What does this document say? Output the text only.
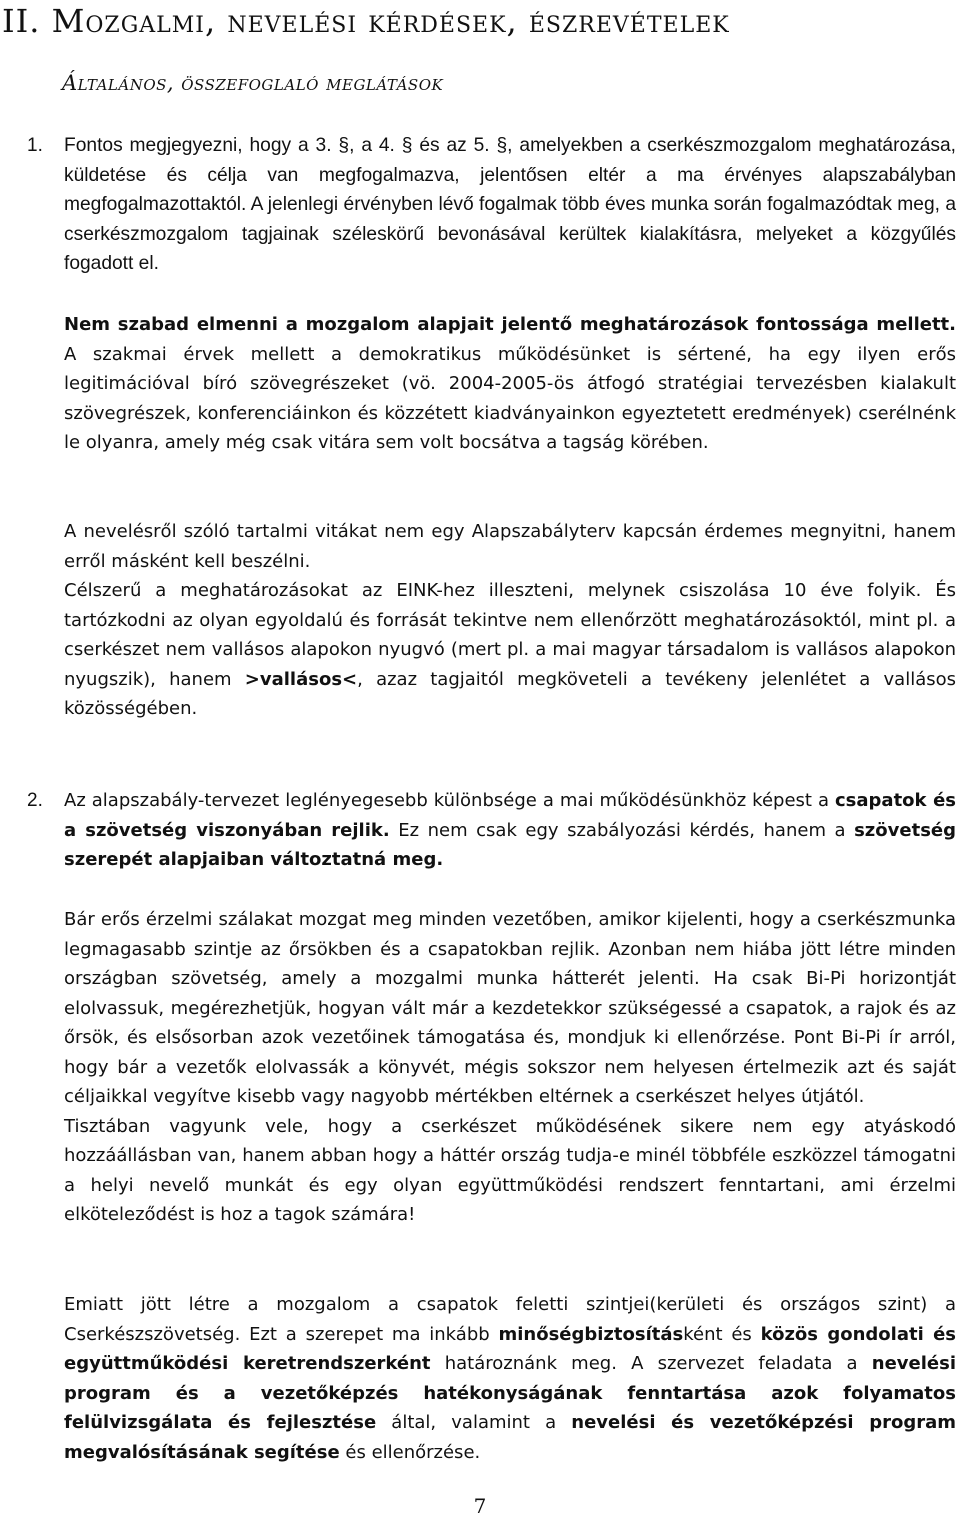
II. Mozgalmi, nevelési kérdések, észrevételek
Általános, összefoglaló meglátások
1. Fontos megjegyezni, hogy a 3. §, a 4. § és az 5. §, amelyekben a cserkészmozgalom meghatározása, küldetése és célja van megfogalmazva, jelentősen eltér a ma érvényes alapszabályban megfogalmazottaktól. A jelenlegi érvényben lévő fogalmak több éves munka során fogalmazódtak meg, a cserkészmozgalom tagjainak széleskörű bevonásával kerültek kialakításra, melyeket a közgyűlés fogadott el.

Nem szabad elmenni a mozgalom alapjait jelentő meghatározások fontossága mellett. A szakmai érvek mellett a demokratikus működésünket is sértené, ha egy ilyen erős legitimációval bíró szövegrészeket (vö. 2004-2005-ös átfogó stratégiai tervezésben kialakult szövegrészek, konferenciáinkon és közzétett kiadványainkon egyeztetett eredmények) cserélnénk le olyanra, amely még csak vitára sem volt bocsátva a tagság körében.

A nevelésről szóló tartalmi vitákat nem egy Alapszabályterv kapcsán érdemes megnyitni, hanem erről másként kell beszélni.

Célszerű a meghatározásokat az EINK-hez illeszteni, melynek csiszolása 10 éve folyik. És tartózkodni az olyan egyoldalú és forrását tekintve nem ellenőrzött meghatározásoktól, mint pl. a cserkészet nem vallásos alapokon nyugvó (mert pl. a mai magyar társadalom is vallásos alapokon nyugszik), hanem >vallásos<, azaz tagjaitól megköveteli a tevékeny jelenlétet a vallásos közösségében.

2. Az alapszabály-tervezet leglényegesebb különbsége a mai működésünkhöz képest a csapatok és a szövetség viszonyában rejlik. Ez nem csak egy szabályozási kérdés, hanem a szövetség szerepét alapjaiban változtatná meg.

Bár erős érzelmi szálakat mozgat meg minden vezetőben, amikor kijelenti, hogy a cserkészmunka legmagasabb szintje az őrsökben és a csapatokban rejlik. Azonban nem hiába jött létre minden országban szövetség, amely a mozgalmi munka hátterét jelenti. Ha csak Bi-Pi horizontját elolvassuk, megérezhetjük, hogyan vált már a kezdetekkor szükségessé a csapatok, a rajok és az őrsök, és elsősorban azok vezetőinek támogatása és, mondjuk ki ellenőrzése. Pont Bi-Pi ír arról, hogy bár a vezetők elolvassák a könyvét, mégis sokszor nem helyesen értelmezik azt és saját céljaikkal vegyítve kisebb vagy nagyobb mértékben eltérnek a cserkészet helyes útjától.

Tisztában vagyunk vele, hogy a cserkészet működésének sikere nem egy atyáskodó hozzáállásban van, hanem abban hogy a háttér ország tudja-e minél többféle eszközzel támogatni a helyi nevelő munkát és egy olyan együttműködési rendszert fenntartani, ami érzelmi elköteleződést is hoz a tagok számára!

Emiatt jött létre a mozgalom a csapatok feletti szintjei(kerületi és országos szint) a Cserkészszövetség. Ezt a szerepet ma inkább minőségbiztosításként és közös gondolati és együttműködési keretrendszerként határoznánk meg. A szervezet feladata a nevelési program és a vezetőképzés hatékonyságának fenntartása azok folyamatos felülvizsgálata és fejlesztése által, valamint a nevelési és vezetőképzési program megvalósításának segítése és ellenőrzése.

7
